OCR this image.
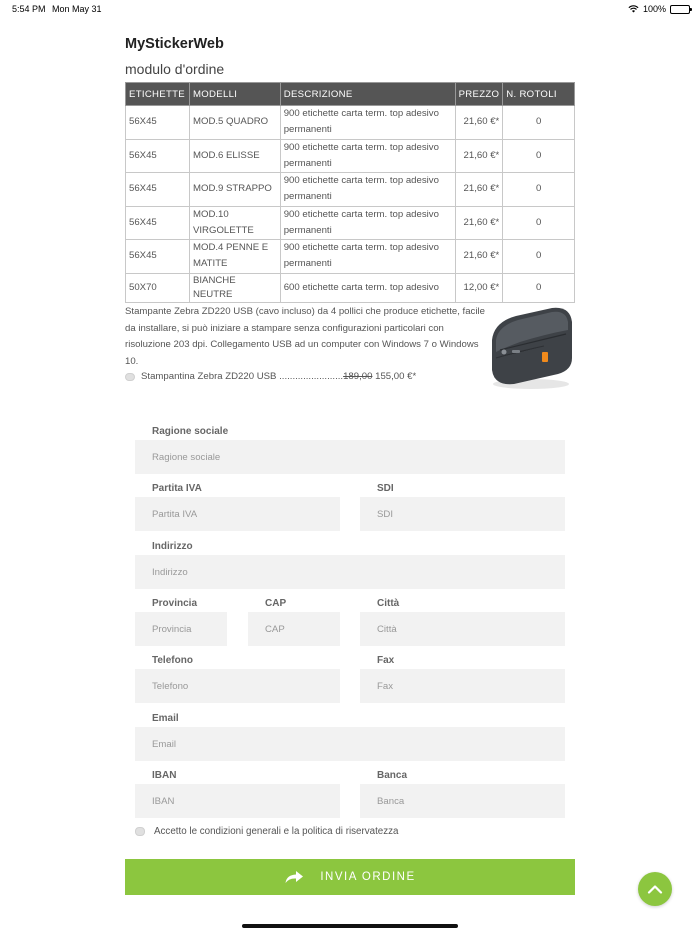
5:54 PM Mon May 31	100%
MyStickerWeb
modulo d'ordine
ETICHETTE	MODELLI	DESCRIZIONE	PREZZO	N. ROTOLI
56X45	MOD.5 QUADRO	900 etichette carta term. top adesivo permanenti	21,60 €*	0
56X45	MOD.6 ELISSE	900 etichette carta term. top adesivo permanenti	21,60 €*	0
56X45	MOD.9 STRAPPO	900 etichette carta term. top adesivo permanenti	21,60 €*	0
56X45	MOD.10 VIRGOLETTE	900 etichette carta term. top adesivo permanenti	21,60 €*	0
56X45	MOD.4 PENNE E MATITE	900 etichette carta term. top adesivo permanenti	21,60 €*	0
50X70	BIANCHE NEUTRE	600 etichette carta term. top adesivo	12,00 €*	0
Stampante Zebra ZD220 USB (cavo incluso) da 4 pollici che produce etichette, facile da installare, si può iniziare a stampare senza configurazioni particolari con risoluzione 203 dpi. Collegamento USB ad un computer con Windows 7 o Windows 10.
Stampantina Zebra ZD220 USB ........................ 189,00
155,00 €*
Ragione sociale
Ragione sociale
Partita IVA
Partita IVA
SDI
SDI
Indirizzo
Indirizzo
Provincia
Provincia
CAP
CAP
Città
Città
Telefono
Telefono
Fax
Fax
Email
Email
IBAN
IBAN
Banca
Banca
Accetto le condizioni generali e la politica di riservatezza
INVIA ORDINE
